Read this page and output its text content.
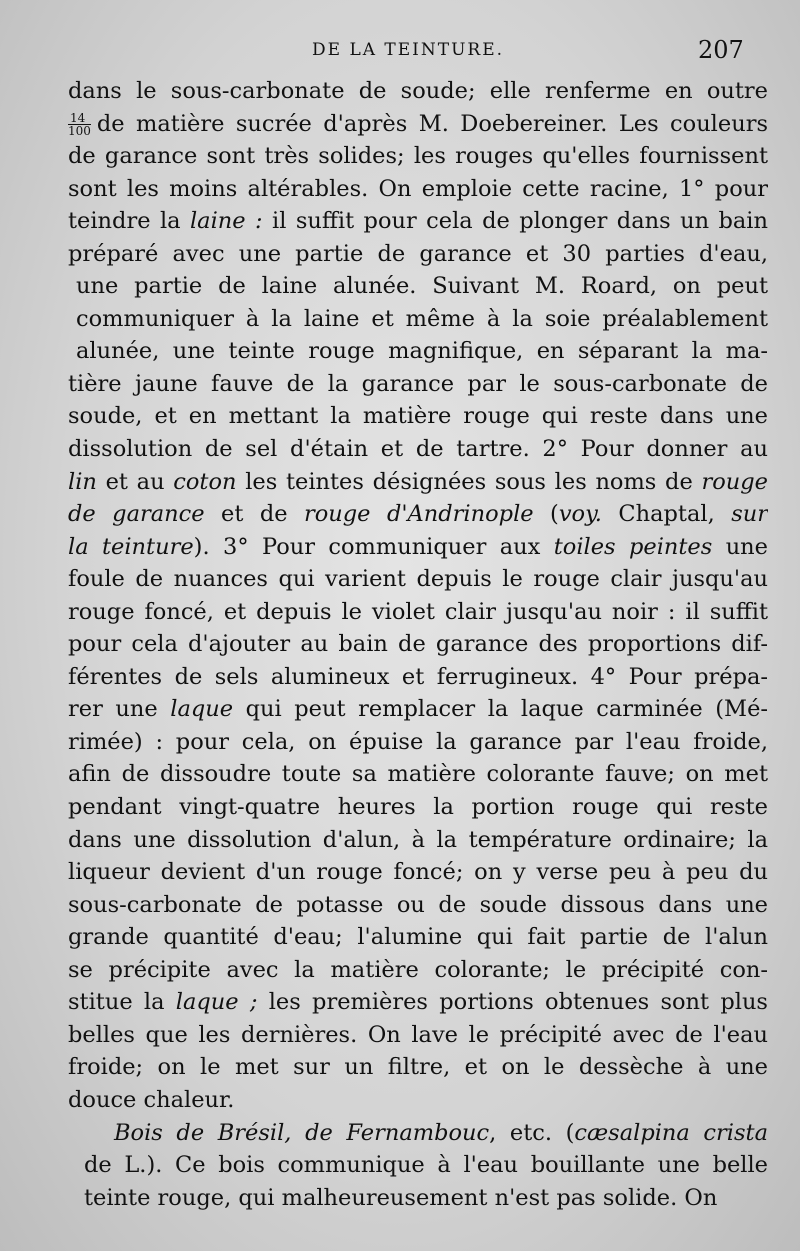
DE LA TEINTURE.	207
dans le sous-carbonate de soude; elle renferme en outre
$\frac{14}{100}$ de matière sucrée d'après M. Doebereiner. Les couleurs
de garance sont très solides; les rouges qu'elles fournissent
sont les moins altérables. On emploie cette racine, 1° pour
teindre la laine : il suffit pour cela de plonger dans un bain
préparé avec une partie de garance et 30 parties d'eau,
une partie de laine alunée. Suivant M. Roard, on peut
communiquer à la laine et même à la soie préalablement
alunée, une teinte rouge magnifique, en séparant la ma-
tière jaune fauve de la garance par le sous-carbonate de
soude, et en mettant la matière rouge qui reste dans une
dissolution de sel d'étain et de tartre. 2° Pour donner au
lin et au coton les teintes désignées sous les noms de rouge
de garance et de rouge d'Andrinople (voy. Chaptal, sur
la teinture). 3° Pour communiquer aux toiles peintes une
foule de nuances qui varient depuis le rouge clair jusqu'au
rouge foncé, et depuis le violet clair jusqu'au noir : il suffit
pour cela d'ajouter au bain de garance des proportions dif-
férentes de sels alumineux et ferrugineux. 4° Pour prépa-
rer une laque qui peut remplacer la laque carminée (Mé-
rimée) : pour cela, on épuise la garance par l'eau froide,
afin de dissoudre toute sa matière colorante fauve; on met
pendant vingt-quatre heures la portion rouge qui reste
dans une dissolution d'alun, à la température ordinaire; la
liqueur devient d'un rouge foncé; on y verse peu à peu du
sous-carbonate de potasse ou de soude dissous dans une
grande quantité d'eau; l'alumine qui fait partie de l'alun
se précipite avec la matière colorante; le précipité con-
stitue la laque ; les premières portions obtenues sont plus
belles que les dernières. On lave le précipité avec de l'eau
froide; on le met sur un filtre, et on le dessèche à une
douce chaleur.
Bois de Brésil, de Fernambouc, etc. (cæsalpina crista
de L.). Ce bois communique à l'eau bouillante une belle
teinte rouge, qui malheureusement n'est pas solide. On
